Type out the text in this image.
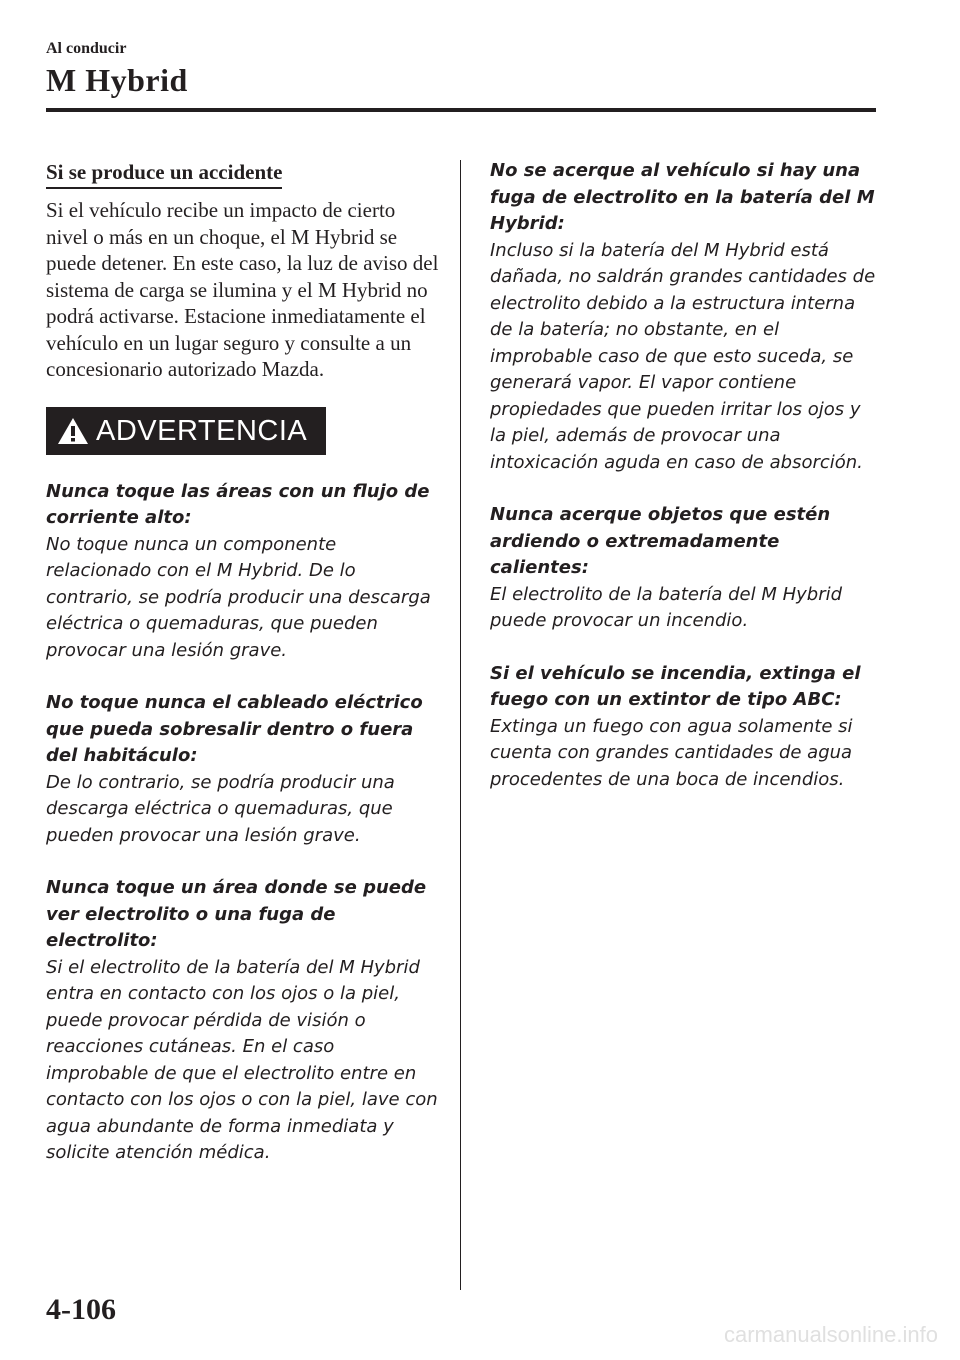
Al conducir

M Hybrid
Si se produce un accidente

Si el vehículo recibe un impacto de cierto nivel o más en un choque, el M Hybrid se puede detener. En este caso, la luz de aviso del sistema de carga se ilumina y el M Hybrid no podrá activarse. Estacione inmediatamente el vehículo en un lugar seguro y consulte a un concesionario autorizado Mazda.

ADVERTENCIA

Nunca toque las áreas con un flujo de corriente alto:

No toque nunca un componente relacionado con el M Hybrid. De lo contrario, se podría producir una descarga eléctrica o quemaduras, que pueden provocar una lesión grave.

No toque nunca el cableado eléctrico que pueda sobresalir dentro o fuera del habitáculo:

De lo contrario, se podría producir una descarga eléctrica o quemaduras, que pueden provocar una lesión grave.

Nunca toque un área donde se puede ver electrolito o una fuga de electrolito:

Si el electrolito de la batería del M Hybrid entra en contacto con los ojos o la piel, puede provocar pérdida de visión o reacciones cutáneas. En el caso improbable de que el electrolito entre en contacto con los ojos o con la piel, lave con agua abundante de forma inmediata y solicite atención médica.

No se acerque al vehículo si hay una fuga de electrolito en la batería del M Hybrid:

Incluso si la batería del M Hybrid está dañada, no saldrán grandes cantidades de electrolito debido a la estructura interna de la batería; no obstante, en el improbable caso de que esto suceda, se generará vapor. El vapor contiene propiedades que pueden irritar los ojos y la piel, además de provocar una intoxicación aguda en caso de absorción.

Nunca acerque objetos que estén ardiendo o extremadamente calientes:

El electrolito de la batería del M Hybrid puede provocar un incendio.

Si el vehículo se incendia, extinga el fuego con un extintor de tipo ABC:

Extinga un fuego con agua solamente si cuenta con grandes cantidades de agua procedentes de una boca de incendios.

4-106

carmanualsonline.info
